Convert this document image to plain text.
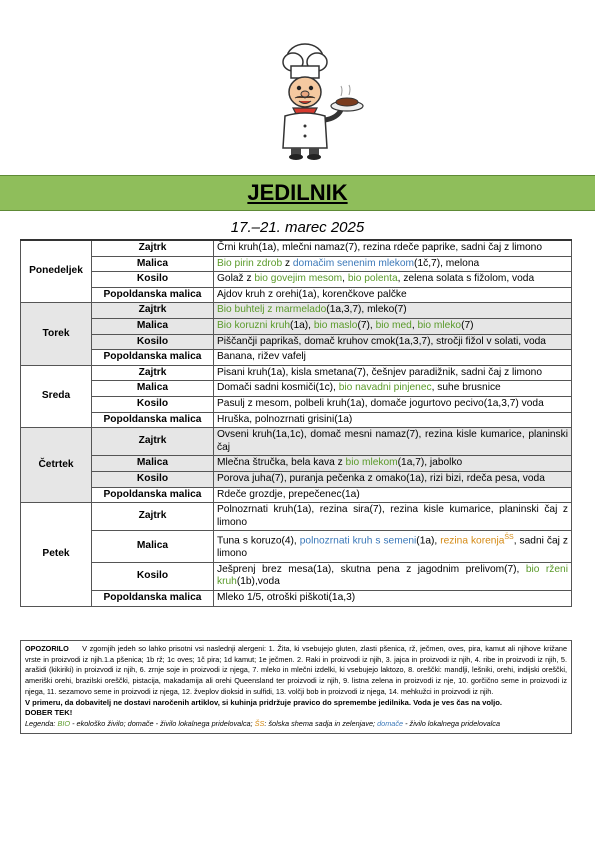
JEDILNIK
17.–21. marec 2025
Ponedeljek	Zajtrk	Črni kruh(1a), mlečni namaz(7), rezina rdeče paprike, sadni čaj z limono
	Malica	Bio pirin zdrob z domačim senenim mlekom(1č,7), melona
	Kosilo	Golaž z bio govejim mesom, bio polenta, zelena solata s fižolom, voda
	Popoldanska malica	Ajdov kruh z orehi(1a), korenčkove palčke
Torek	Zajtrk	Bio buhtelj z marmelado(1a,3,7), mleko(7)
	Malica	Bio koruzni kruh(1a), bio maslo(7), bio med, bio mleko(7)
	Kosilo	Piščančji paprikaš, domač kruhov cmok(1a,3,7), stročji fižol v solati, voda
	Popoldanska malica	Banana, rižev vafelj
Sreda	Zajtrk	Pisani kruh(1a), kisla smetana(7), češnjev paradižnik, sadni čaj z limono
	Malica	Domači sadni kosmiči(1c), bio navadni pinjenec, suhe brusnice
	Kosilo	Pasulj z mesom, polbeli kruh(1a), domače jogurtovo pecivo(1a,3,7) voda
	Popoldanska malica	Hruška, polnozrnati grisini(1a)
Četrtek	Zajtrk	Ovseni kruh(1a,1c), domač mesni namaz(7), rezina kisle kumarice, planinski čaj
	Malica	Mlečna štručka, bela kava z bio mlekom(1a,7), jabolko
	Kosilo	Porova juha(7), puranja pečenka z omako(1a), rizi bizi, rdeča pesa, voda
	Popoldanska malica	Rdeče grozdje, prepečenec(1a)
Petek	Zajtrk	Polnozrnati kruh(1a), rezina sira(7), rezina kisle kumarice, planinski čaj z limono
	Malica	Tuna s koruzo(4), polnozrnati kruh s semeni(1a), rezina korenja$^{ŠS}$, sadni čaj z limono
	Kosilo	Ješprenj brez mesa(1a), skutna pena z jagodnim prelivom(7), bio rženi kruh(1b),voda
	Popoldanska malica	Mleko 1/5, otroški piškoti(1a,3)
OPOZORILO V zgornjih jedeh so lahko prisotni vsi naslednji alergeni: 1. Žita, ki vsebujejo gluten, zlasti pšenica, rž, ječmen, oves, pira, kamut ali njihove križane vrste in proizvodi iz njih.1.a pšenica; 1b rž; 1c oves; 1č pira; 1d kamut; 1e ječmen. 2. Raki in proizvodi iz njih, 3. jajca in proizvodi iz njih, 4. ribe in proizvodi iz njih, 5. arašidi (kikiriki) in proizvodi iz njih, 6. zrnje soje in proizvodi iz njega, 7. mleko in mlečni izdelki, ki vsebujejo laktozo, 8. oreščki: mandlji, lešniki, orehi, indijski oreščki, ameriški orehi, brazilski oreščki, pistacija, makadamija ali orehi Queensland ter proizvodi iz njih, 9. listna zelena in proizvodi iz nje, 10. gorčično seme in proizvodi iz njega, 11. sezamovo seme in proizvodi iz njega, 12. žveplov dioksid in sulfidi, 13. volčji bob in proizvodi iz njega, 14. mehkužci in proizvodi iz njih.
V primeru, da dobavitelj ne dostavi naročenih artiklov, si kuhinja pridržuje pravico do spremembe jedilnika. Voda je ves čas na voljo.
DOBER TEK!
Legenda: BIO - ekološko živilo; domače - živilo lokalnega pridelovalca; ŠS: šolska shema sadja in zelenjave; domače - živilo lokalnega pridelovalca
